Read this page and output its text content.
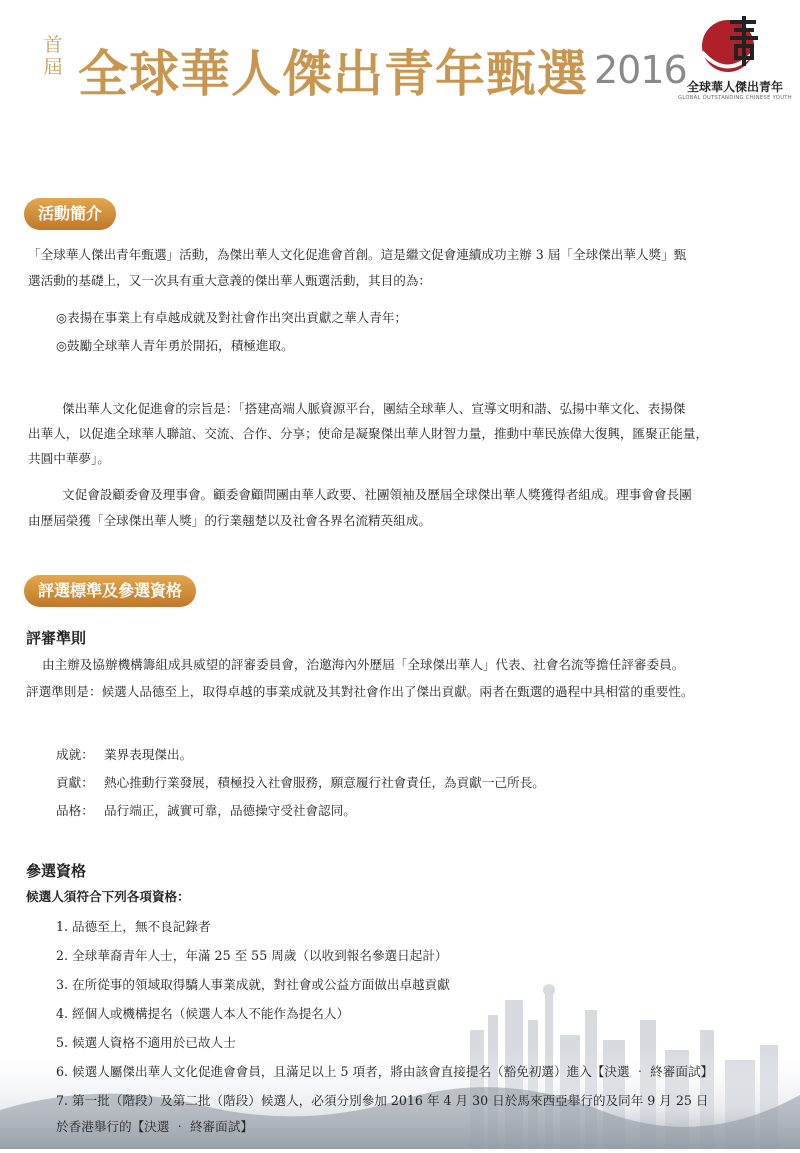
首
屆 全球華人傑出青年甄選 2016 全球華人傑出青年
GLOBAL OUTSTANDING CHINESE YOUTH
活動簡介
「全球華人傑出青年甄選」活動，為傑出華人文化促進會首創。這是繼文促會連續成功主辦 3 屆「全球傑出華人獎」甄
選活動的基礎上，又一次具有重大意義的傑出華人甄選活動，其目的為：
◎表揚在事業上有卓越成就及對社會作出突出貢獻之華人青年；
◎鼓勵全球華人青年勇於開拓，積極進取。
傑出華人文化促進會的宗旨是：「搭建高端人脈資源平台，團結全球華人、宣導文明和諧、弘揚中華文化、表揚傑
出華人，以促進全球華人聯誼、交流、合作、分享；使命是凝聚傑出華人財智力量，推動中華民族偉大復興，匯聚正能量，
共圓中華夢」。
文促會設顧委會及理事會。顧委會顧問團由華人政要、社團領袖及歷屆全球傑出華人獎獲得者組成。理事會會長團
由歷屆榮獲「全球傑出華人獎」的行業翹楚以及社會各界名流精英組成。
評選標準及參選資格
評審準則
由主辦及協辦機構籌組成具威望的評審委員會，治邀海內外歷屆「全球傑出華人」代表、社會名流等擔任評審委員。
評選準則是：候選人品德至上，取得卓越的事業成就及其對社會作出了傑出貢獻。兩者在甄選的過程中具相當的重要性。
成就： 業界表現傑出。
貢獻： 熱心推動行業發展，積極投入社會服務，願意履行社會責任，為貢獻一己所長。
品格： 品行端正，誠實可靠，品德操守受社會認同。
參選資格
候選人須符合下列各項資格：
1. 品德至上，無不良記錄者
2. 全球華裔青年人士，年滿 25 至 55 周歲（以收到報名參選日起計）
3. 在所從事的領域取得驕人事業成就，對社會或公益方面做出卓越貢獻
4. 經個人或機構提名（候選人本人不能作為提名人）
5. 候選人資格不適用於已故人士
6. 候選人屬傑出華人文化促進會會員，且滿足以上 5 項者，將由該會直接提名（豁免初選）進入【決選 ‧ 終審面試】
7. 第一批（階段）及第二批（階段）候選人，必須分別參加 2016 年 4 月 30 日於馬來西亞舉行的及同年 9 月 25 日
於香港舉行的【決選 ‧ 終審面試】
